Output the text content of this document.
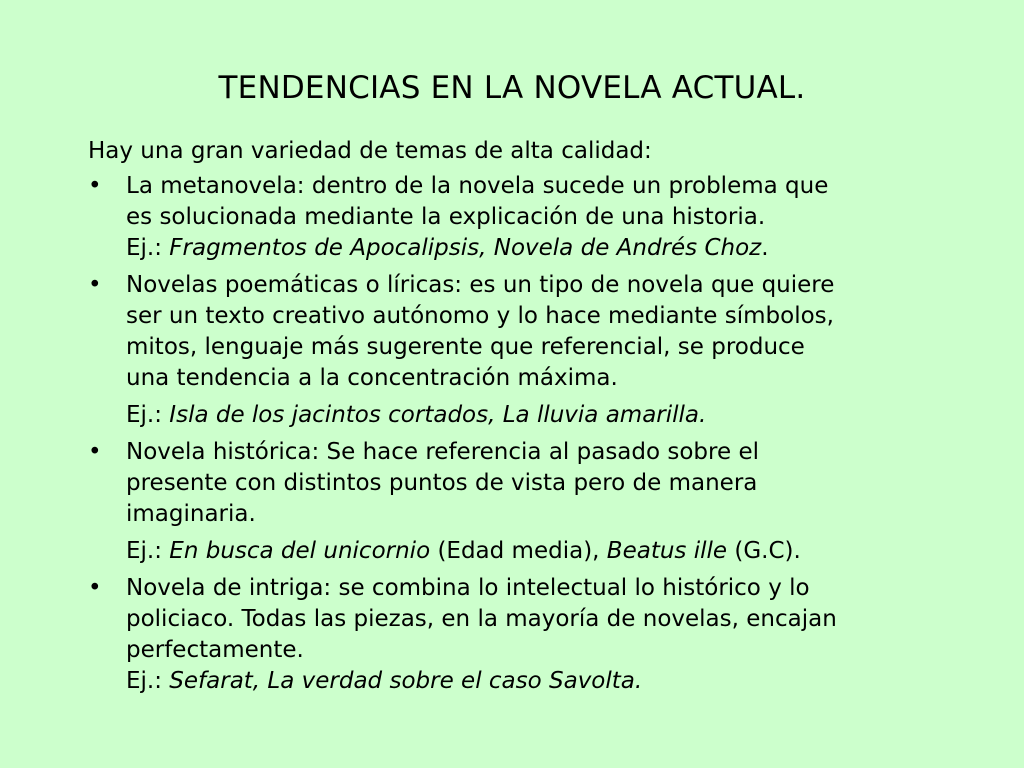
TENDENCIAS EN LA NOVELA ACTUAL.

Hay una gran variedad de temas de alta calidad:

• La metanovela: dentro de la novela sucede un problema que
es solucionada mediante la explicación de una historia.
Ej.: Fragmentos de Apocalipsis, Novela de Andrés Choz.
• Novelas poemáticas o líricas: es un tipo de novela que quiere
ser un texto creativo autónomo y lo hace mediante símbolos,
mitos, lenguaje más sugerente que referencial, se produce
una tendencia a la concentración máxima.
Ej.: Isla de los jacintos cortados, La lluvia amarilla.
• Novela histórica: Se hace referencia al pasado sobre el
presente con distintos puntos de vista pero de manera
imaginaria.
Ej.: En busca del unicornio (Edad media), Beatus ille (G.C).
• Novela de intriga: se combina lo intelectual lo histórico y lo
policiaco. Todas las piezas, en la mayoría de novelas, encajan
perfectamente.
Ej.: Sefarat, La verdad sobre el caso Savolta.
